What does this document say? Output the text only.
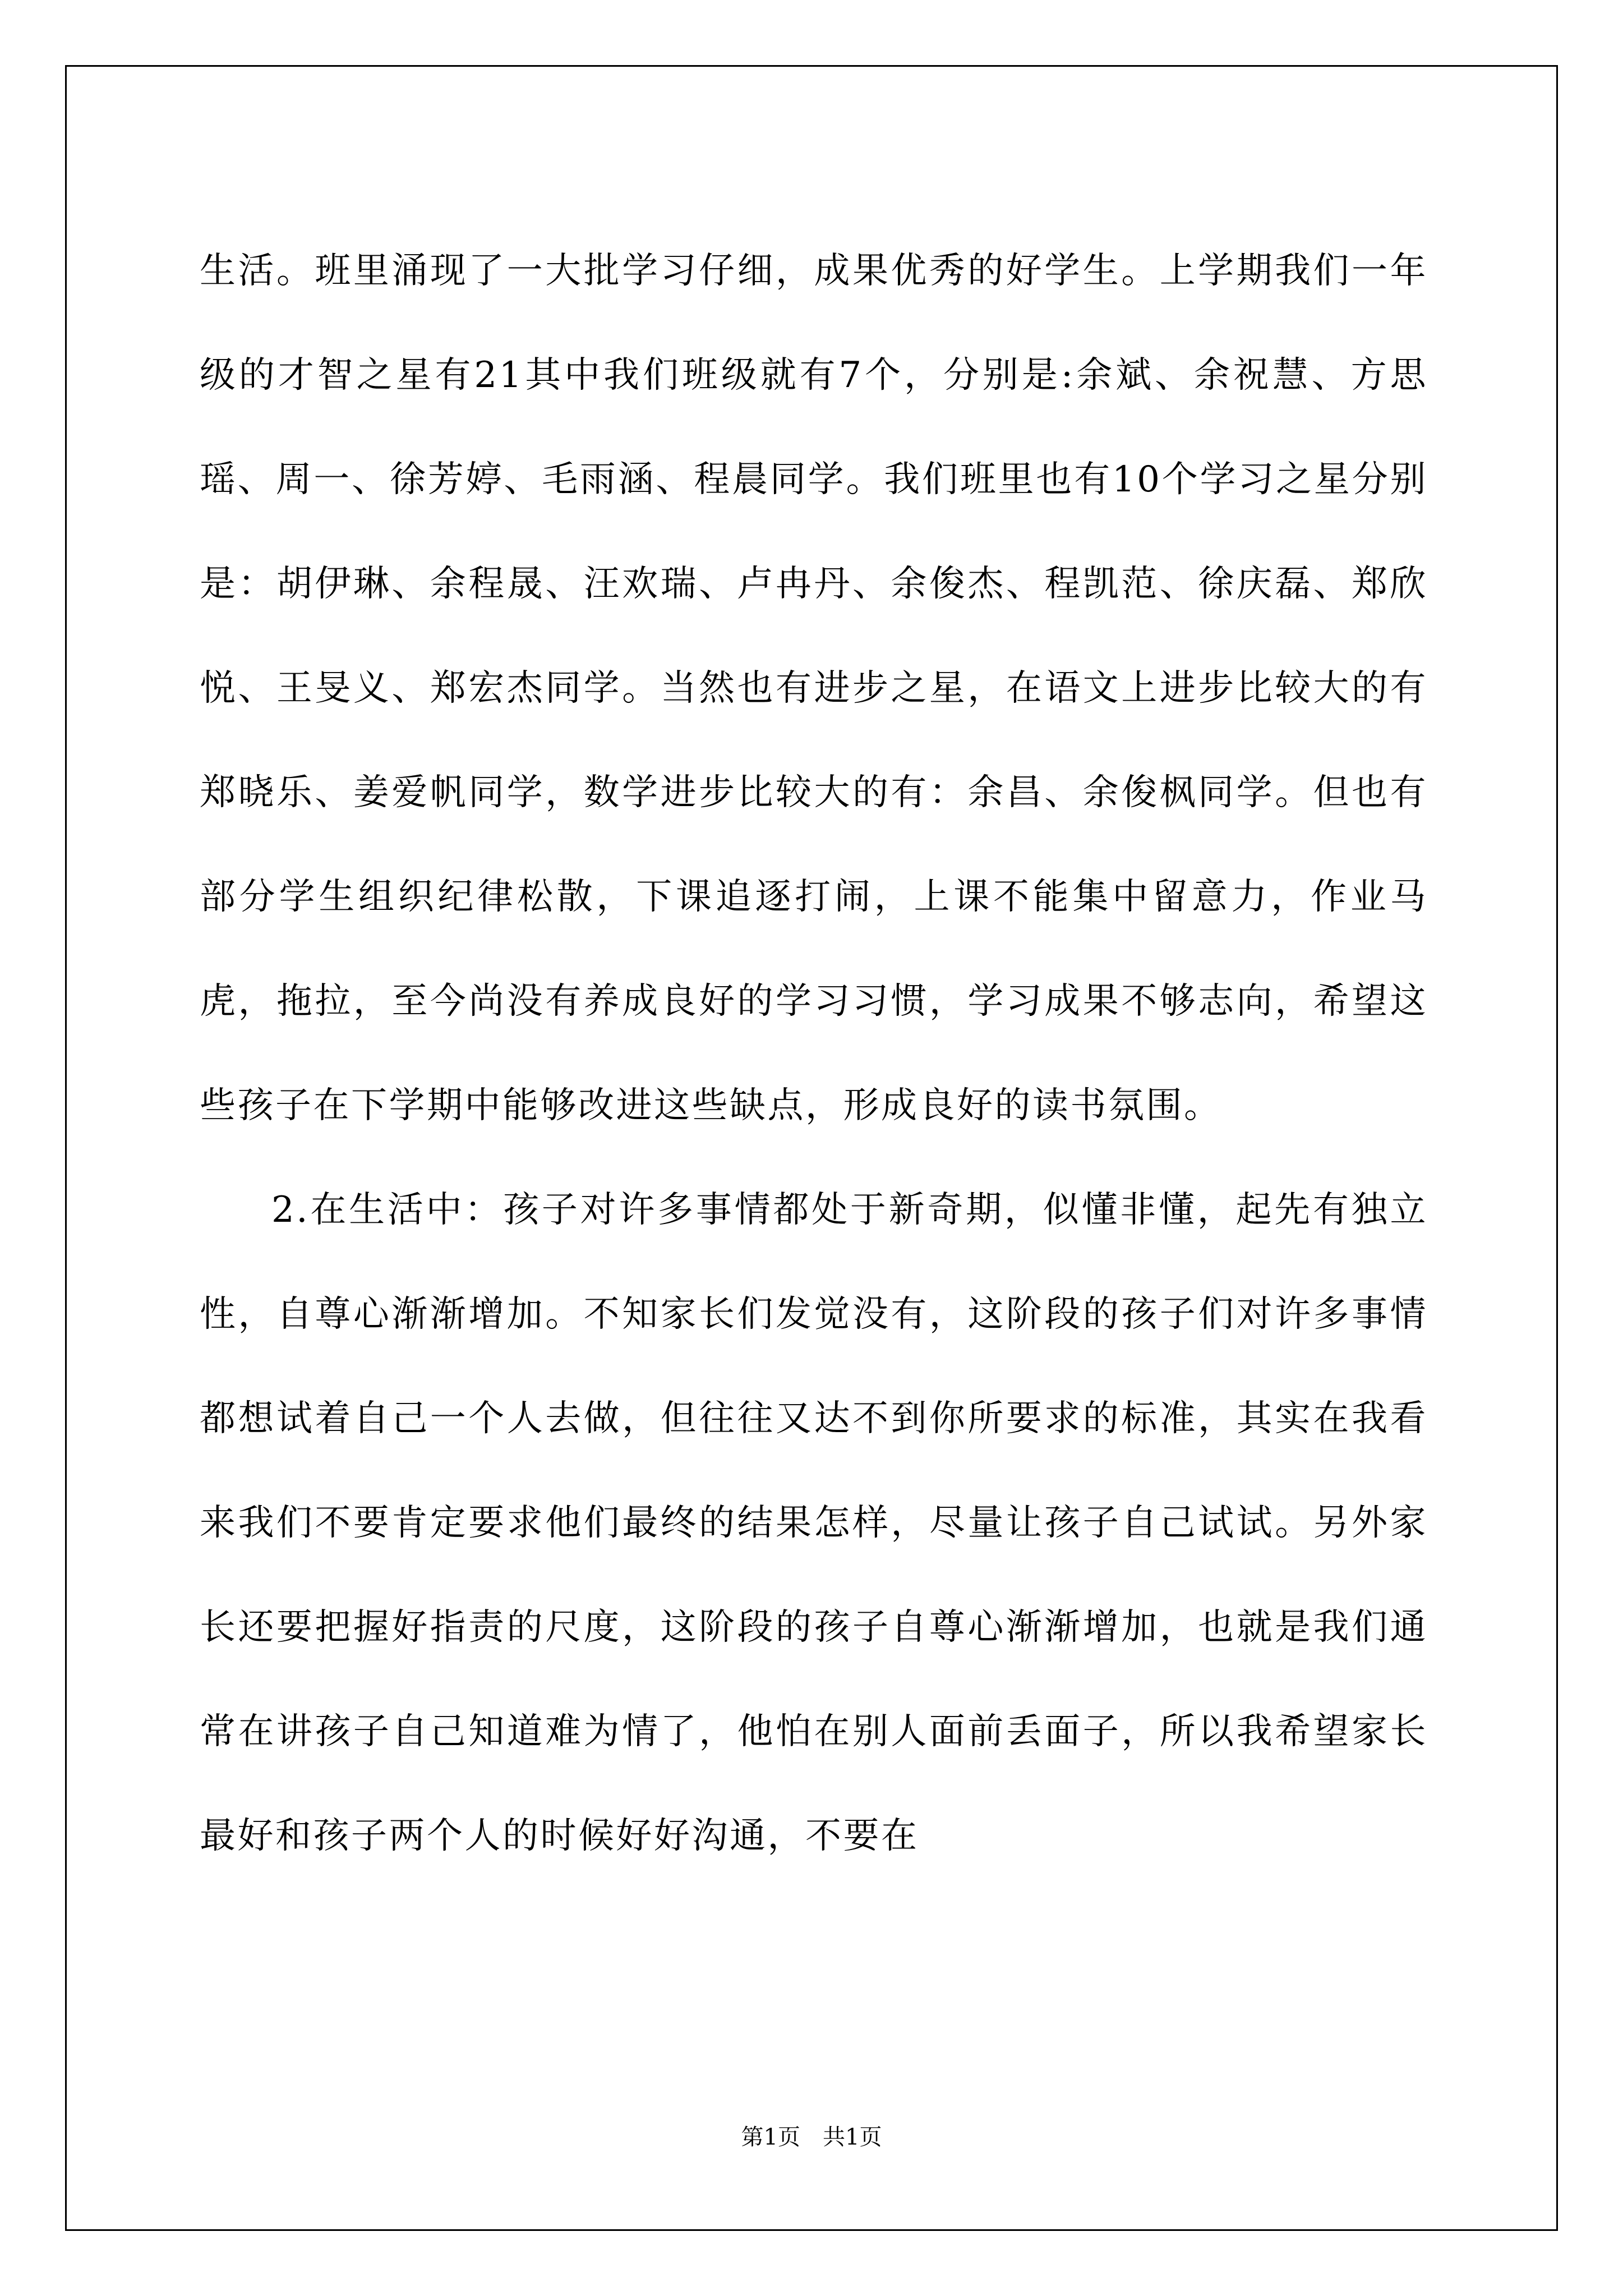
生活。班里涌现了一大批学习仔细，成果优秀的好学生。上学期我们一年级的才智之星有21其中我们班级就有7个，分别是:余斌、余祝慧、方思瑶、周一、徐芳婷、毛雨涵、程晨同学。我们班里也有10个学习之星分别是：胡伊琳、余程晟、汪欢瑞、卢冉丹、余俊杰、程凯范、徐庆磊、郑欣悦、王旻义、郑宏杰同学。当然也有进步之星，在语文上进步比较大的有郑晓乐、姜爱帆同学，数学进步比较大的有：余昌、余俊枫同学。但也有部分学生组织纪律松散，下课追逐打闹，上课不能集中留意力，作业马虎，拖拉，至今尚没有养成良好的学习习惯，学习成果不够志向，希望这些孩子在下学期中能够改进这些缺点，形成良好的读书氛围。

2.在生活中：孩子对许多事情都处于新奇期，似懂非懂，起先有独立性，自尊心渐渐增加。不知家长们发觉没有，这阶段的孩子们对许多事情都想试着自己一个人去做，但往往又达不到你所要求的标准，其实在我看来我们不要肯定要求他们最终的结果怎样，尽量让孩子自己试试。另外家长还要把握好指责的尺度，这阶段的孩子自尊心渐渐增加，也就是我们通常在讲孩子自己知道难为情了，他怕在别人面前丢面子，所以我希望家长最好和孩子两个人的时候好好沟通，不要在

第1页　共1页
